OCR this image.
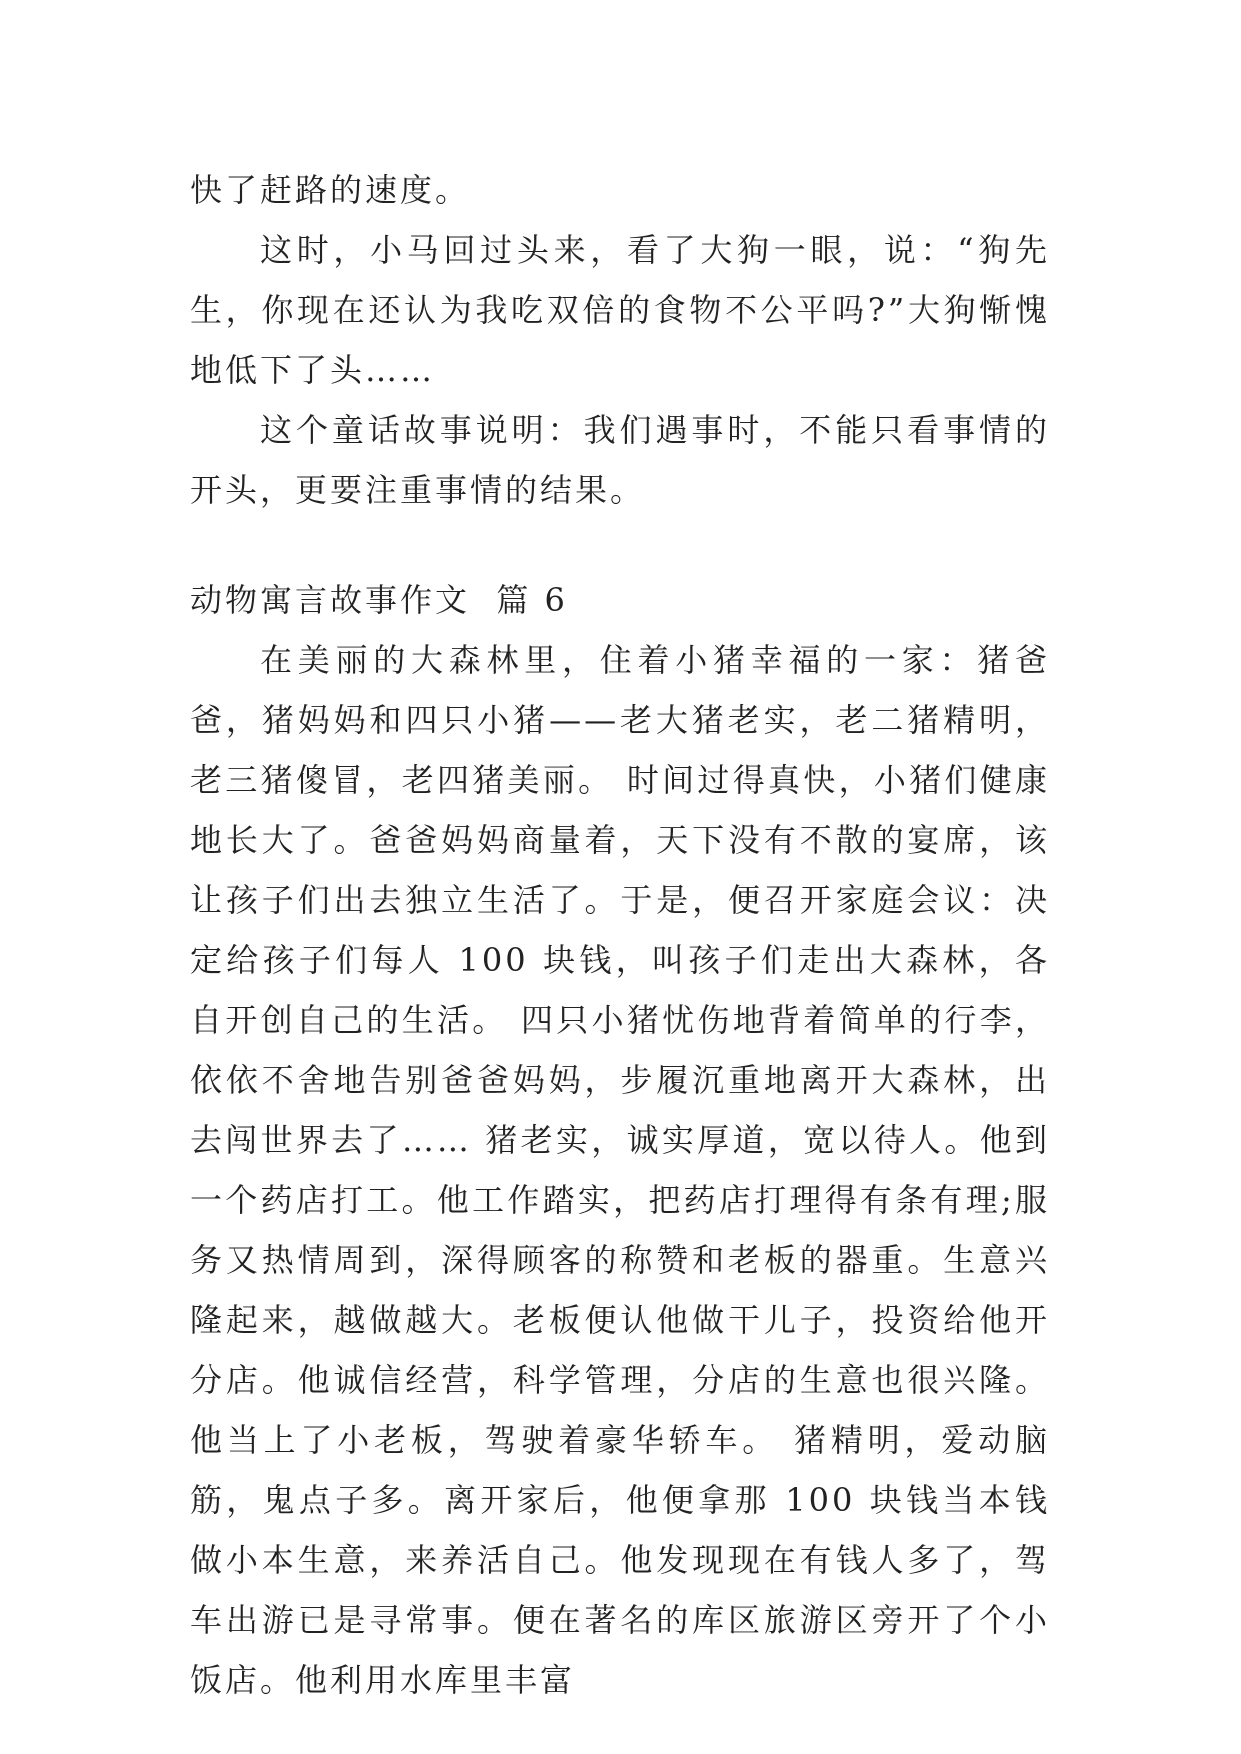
快了赶路的速度。

这时，小马回过头来，看了大狗一眼，说：“狗先生，你现在还认为我吃双倍的食物不公平吗?”大狗惭愧地低下了头……

这个童话故事说明：我们遇事时，不能只看事情的开头，更要注重事情的结果。

动物寓言故事作文  篇 6

在美丽的大森林里，住着小猪幸福的一家：猪爸爸，猪妈妈和四只小猪——老大猪老实，老二猪精明，老三猪傻冒，老四猪美丽。 时间过得真快，小猪们健康地长大了。爸爸妈妈商量着，天下没有不散的宴席，该让孩子们出去独立生活了。于是，便召开家庭会议：决定给孩子们每人 100 块钱，叫孩子们走出大森林，各自开创自己的生活。 四只小猪忧伤地背着简单的行李，依依不舍地告别爸爸妈妈，步履沉重地离开大森林，出去闯世界去了…… 猪老实，诚实厚道，宽以待人。他到一个药店打工。他工作踏实，把药店打理得有条有理;服务又热情周到，深得顾客的称赞和老板的器重。生意兴隆起来，越做越大。老板便认他做干儿子，投资给他开分店。他诚信经营，科学管理，分店的生意也很兴隆。他当上了小老板，驾驶着豪华轿车。 猪精明，爱动脑筋，鬼点子多。离开家后，他便拿那 100 块钱当本钱做小本生意，来养活自己。他发现现在有钱人多了，驾车出游已是寻常事。便在著名的库区旅游区旁开了个小饭店。他利用水库里丰富
